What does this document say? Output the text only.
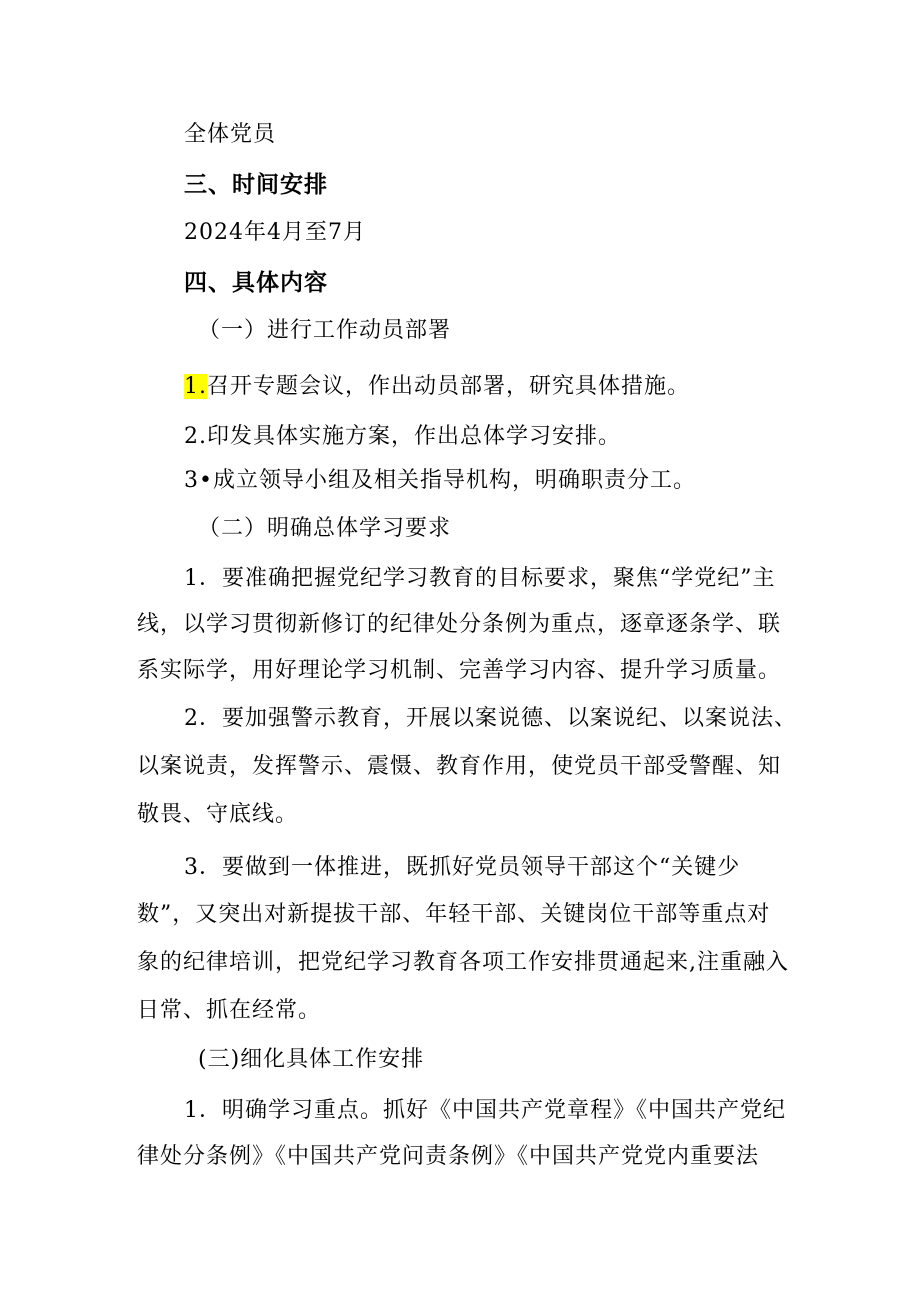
全体党员
三、时间安排
2024年4月至7月
四、具体内容
（一）进行工作动员部署
1.召开专题会议，作出动员部署，研究具体措施。
2.印发具体实施方案，作出总体学习安排。
3•成立领导小组及相关指导机构，明确职责分工。
（二）明确总体学习要求
1．要准确把握党纪学习教育的目标要求，聚焦“学党纪”主
线，以学习贯彻新修订的纪律处分条例为重点，逐章逐条学、联
系实际学，用好理论学习机制、完善学习内容、提升学习质量。
2．要加强警示教育，开展以案说德、以案说纪、以案说法、
以案说责，发挥警示、震慑、教育作用，使党员干部受警醒、知
敬畏、守底线。
3．要做到一体推进，既抓好党员领导干部这个“关键少
数”，又突出对新提拔干部、年轻干部、关键岗位干部等重点对
象的纪律培训，把党纪学习教育各项工作安排贯通起来,注重融入
日常、抓在经常。
(三)细化具体工作安排
1．明确学习重点。抓好《中国共产党章程》《中国共产党纪
律处分条例》《中国共产党问责条例》《中国共产党党内重要法
